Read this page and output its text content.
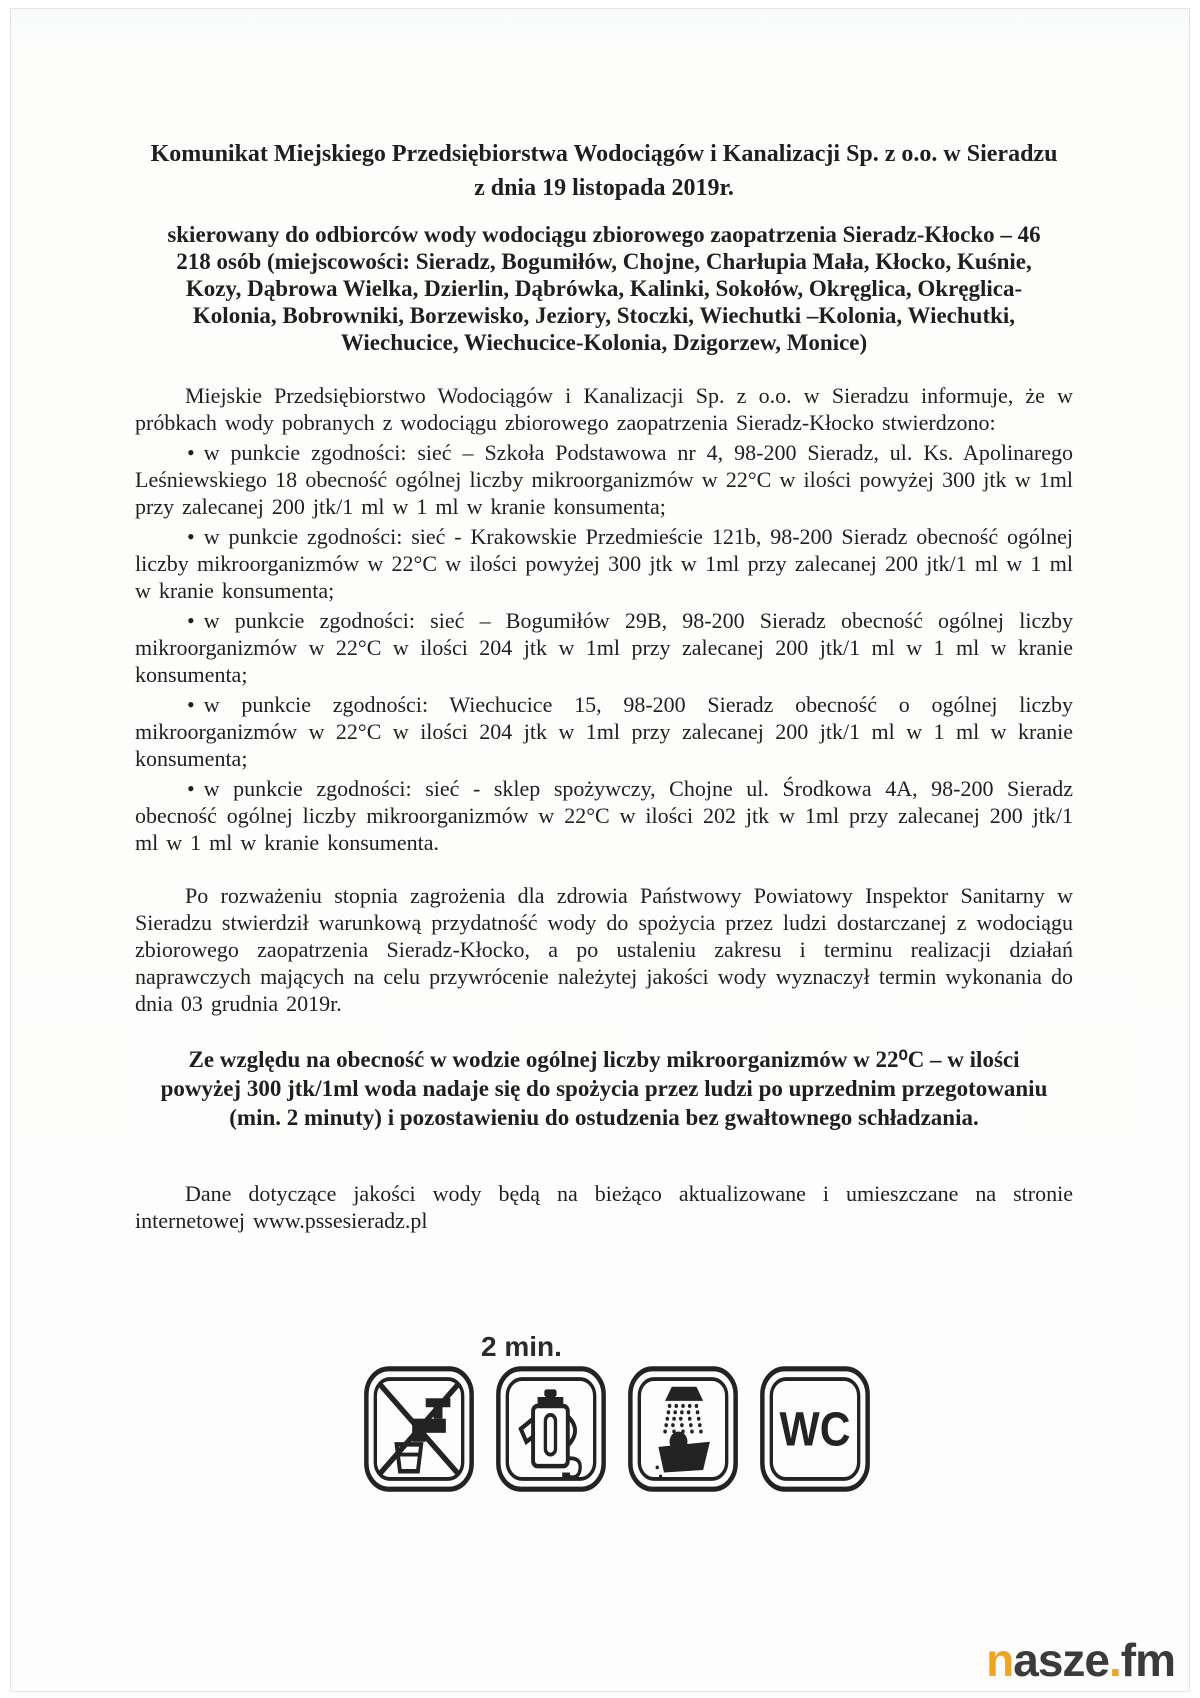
Komunikat Miejskiego Przedsiębiorstwa Wodociągów i Kanalizacji Sp. z o.o. w Sieradzu
z dnia 19 listopada 2019r.
skierowany do odbiorców wody wodociągu zbiorowego zaopatrzenia Sieradz-Kłocko – 46 218 osób (miejscowości: Sieradz, Bogumiłów, Chojne, Charłupia Mała, Kłocko, Kuśnie, Kozy, Dąbrowa Wielka, Dzierlin, Dąbrówka, Kalinki, Sokołów, Okręglica, Okręglica-Kolonia, Bobrowniki, Borzewisko, Jeziory, Stoczki, Wiechutki –Kolonia, Wiechutki, Wiechucice, Wiechucice-Kolonia, Dzigorzew, Monice)

Miejskie Przedsiębiorstwo Wodociągów i Kanalizacji Sp. z o.o. w Sieradzu informuje, że w próbkach wody pobranych z wodociągu zbiorowego zaopatrzenia Sieradz-Kłocko stwierdzono:

• w punkcie zgodności: sieć – Szkoła Podstawowa nr 4, 98-200 Sieradz, ul. Ks. Apolinarego Leśniewskiego 18 obecność ogólnej liczby mikroorganizmów w 22°C w ilości powyżej 300 jtk w 1ml przy zalecanej 200 jtk/1 ml w 1 ml w kranie konsumenta;

• w punkcie zgodności: sieć - Krakowskie Przedmieście 121b, 98-200 Sieradz obecność ogólnej liczby mikroorganizmów w 22°C w ilości powyżej 300 jtk w 1ml przy zalecanej 200 jtk/1 ml w 1 ml w kranie konsumenta;

• w punkcie zgodności: sieć – Bogumiłów 29B, 98-200 Sieradz obecność ogólnej liczby mikroorganizmów w 22°C w ilości 204 jtk w 1ml przy zalecanej 200 jtk/1 ml w 1 ml w kranie konsumenta;

• w punkcie zgodności: Wiechucice 15, 98-200 Sieradz obecność o ogólnej liczby mikroorganizmów w 22°C w ilości 204 jtk w 1ml przy zalecanej 200 jtk/1 ml w 1 ml w kranie konsumenta;

• w punkcie zgodności: sieć - sklep spożywczy, Chojne ul. Środkowa 4A, 98-200 Sieradz obecność ogólnej liczby mikroorganizmów w 22°C w ilości 202 jtk w 1ml przy zalecanej 200 jtk/1 ml w 1 ml w kranie konsumenta.

Po rozważeniu stopnia zagrożenia dla zdrowia Państwowy Powiatowy Inspektor Sanitarny w Sieradzu stwierdził warunkową przydatność wody do spożycia przez ludzi dostarczanej z wodociągu zbiorowego zaopatrzenia Sieradz-Kłocko, a po ustaleniu zakresu i terminu realizacji działań naprawczych mających na celu przywrócenie należytej jakości wody wyznaczył termin wykonania do dnia 03 grudnia 2019r.

Ze względu na obecność w wodzie ogólnej liczby mikroorganizmów w 22⁰C – w ilości powyżej 300 jtk/1ml woda nadaje się do spożycia przez ludzi po uprzednim przegotowaniu (min. 2 minuty) i pozostawieniu do ostudzenia bez gwałtownego schładzania.

Dane dotyczące jakości wody będą na bieżąco aktualizowane i umieszczane na stronie internetowej www.pssesieradz.pl

2 min.
WC
nasze.fm
